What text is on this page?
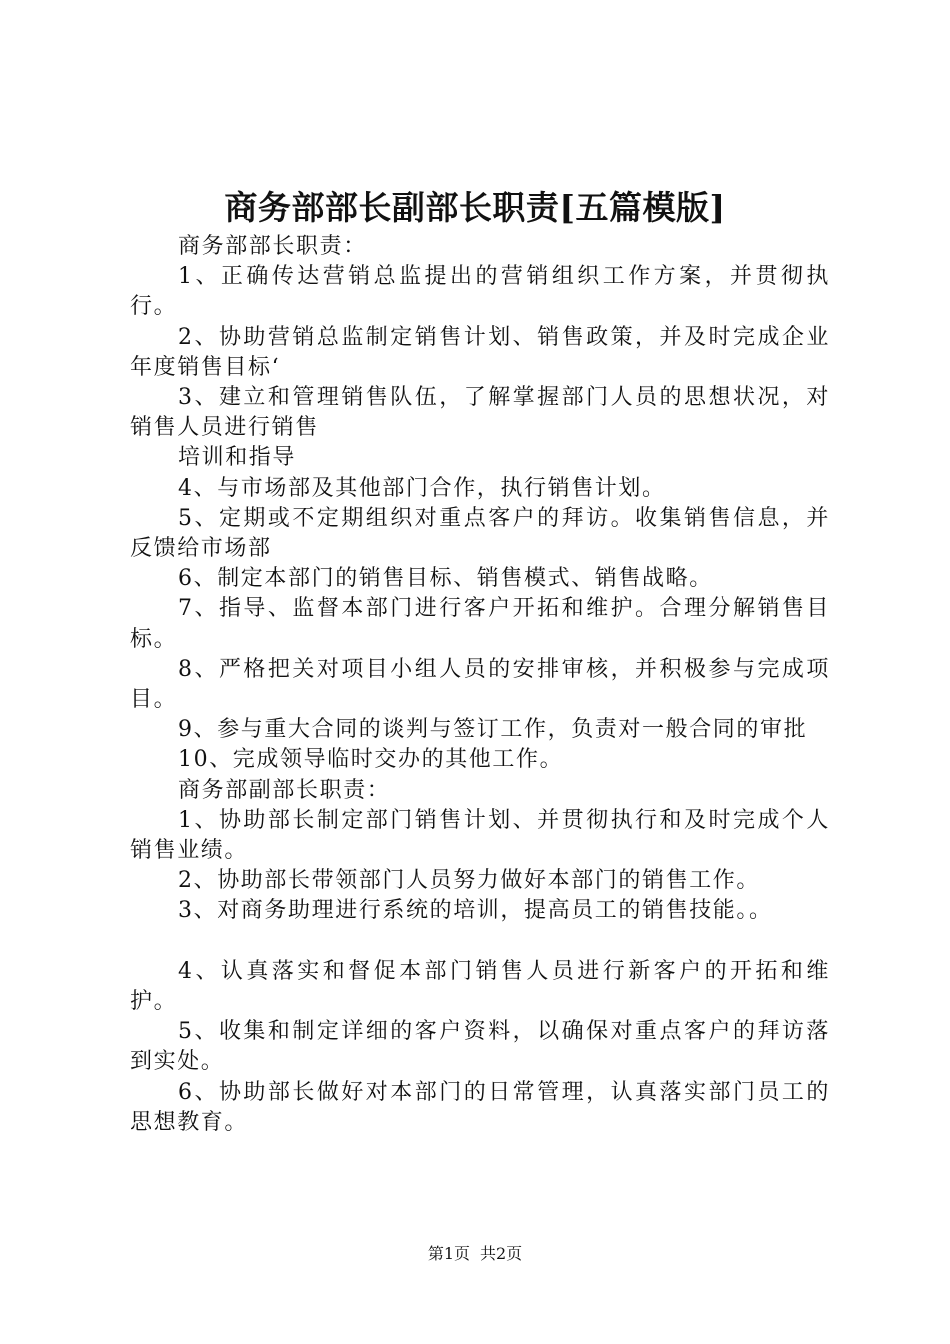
商务部部长副部长职责[五篇模版]

商务部部长职责：

1、正确传达营销总监提出的营销组织工作方案，并贯彻执行。

2、协助营销总监制定销售计划、销售政策，并及时完成企业年度销售目标‘

3、建立和管理销售队伍，了解掌握部门人员的思想状况，对销售人员进行销售

培训和指导

4、与市场部及其他部门合作，执行销售计划。

5、定期或不定期组织对重点客户的拜访。收集销售信息，并反馈给市场部

6、制定本部门的销售目标、销售模式、销售战略。

7、指导、监督本部门进行客户开拓和维护。合理分解销售目标。

8、严格把关对项目小组人员的安排审核，并积极参与完成项目。

9、参与重大合同的谈判与签订工作，负责对一般合同的审批

10、完成领导临时交办的其他工作。

商务部副部长职责：

1、协助部长制定部门销售计划、并贯彻执行和及时完成个人销售业绩。

2、协助部长带领部门人员努力做好本部门的销售工作。

3、对商务助理进行系统的培训，提高员工的销售技能。。

4、认真落实和督促本部门销售人员进行新客户的开拓和维护。

5、收集和制定详细的客户资料，以确保对重点客户的拜访落到实处。

6、协助部长做好对本部门的日常管理，认真落实部门员工的思想教育。

第1页 共2页
